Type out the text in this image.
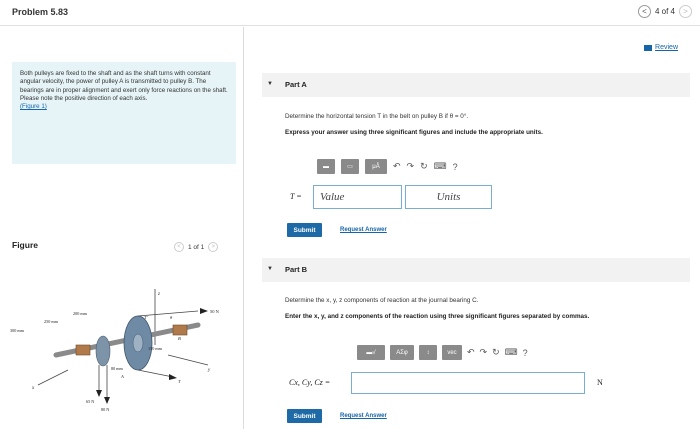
Problem 5.83	<	4 of 4	>
Both pulleys are fixed to the shaft and as the shaft turns with constant angular velocity, the power of pulley A is transmitted to pulley B. The bearings are in proper alignment and exert only force reactions on the shaft. Please note the positive direction of each axis.
(Figure 1)
Figure	<	1 of 1	>
z
x
y
200 mm
250 mm
300 mm
150 mm
80 mm
50 N
65 N
80 N
A
B
θ
T
T'
Review
▼ Part A
Determine the horizontal tension T in the belt on pulley B if θ = 0°.
Express your answer using three significant figures and include the appropriate units.
▬	▭	μÅ	↶ ↷ ↻ ⌨ ?
T =	Value	Units
Submit	Request Answer
▼ Part B
Determine the x, y, z components of reaction at the journal bearing C.
Enter the x, y, and z components of the reaction using three significant figures separated by commas.
▬√	ΑΣφ	↕	vec	↶ ↷ ↻ ⌨ ?
Cx, Cy, Cz =	N
Submit	Request Answer
